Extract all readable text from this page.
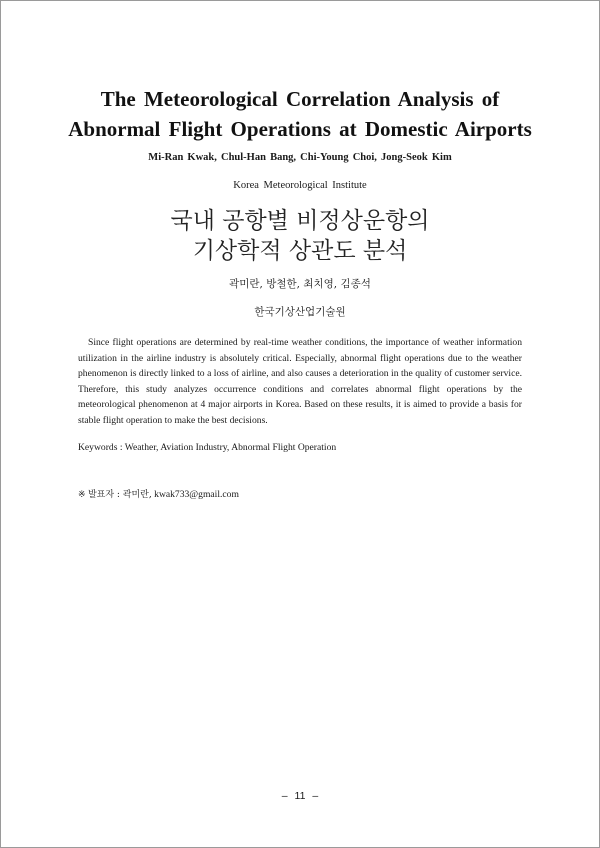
The Meteorological Correlation Analysis of
Abnormal Flight Operations at Domestic Airports
Mi-Ran Kwak, Chul-Han Bang, Chi-Young Choi, Jong-Seok Kim
Korea Meteorological Institute
국내 공항별 비정상운항의
기상학적 상관도 분석
곽미란, 방철한, 최치영, 김종석
한국기상산업기술원

Since flight operations are determined by real-time weather conditions, the importance of weather information utilization in the airline industry is absolutely critical. Especially, abnormal flight operations due to the weather phenomenon is directly linked to a loss of airline, and also causes a deterioration in the quality of customer service. Therefore, this study analyzes occurrence conditions and correlates abnormal flight operations by the meteorological phenomenon at 4 major airports in Korea. Based on these results, it is aimed to provide a basis for stable flight operation to make the best decisions.

Keywords : Weather, Aviation Industry, Abnormal Flight Operation
※ 발표자 : 곽미란, kwak733@gmail.com
– 11 –
